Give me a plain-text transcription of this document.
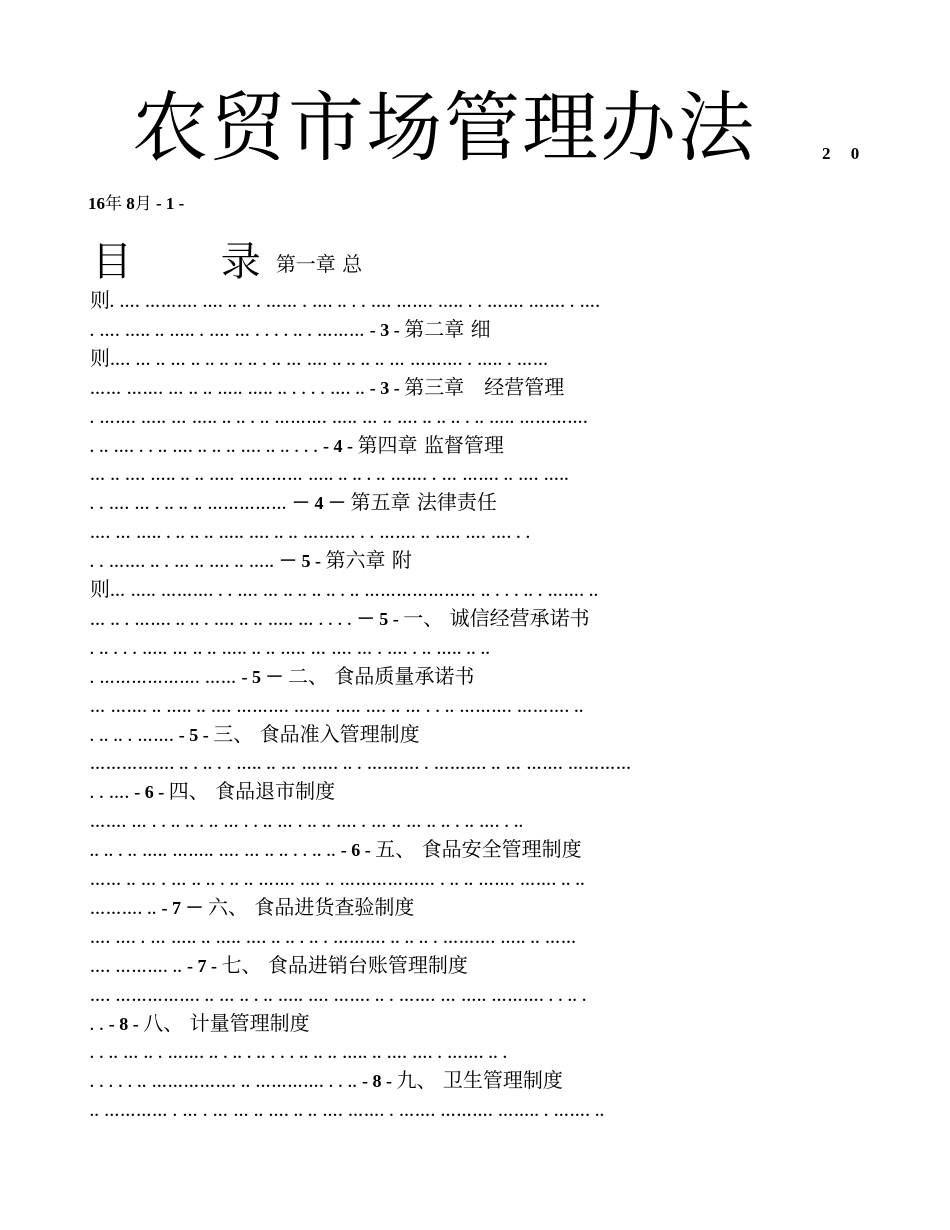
农贸市场管理办法	2 0
16年 8月 - 1 -
目 录 第一章 总
则. …. ………. …. .. .. . …… . …. .. . . …. ……. ….. . . ……. ……. . ….
. …. ….. .. ….. . …. … . . . . .. . ……… - 3 - 第二章 细
则…. … .. … .. .. .. .. .. . .. … …. .. .. .. .. … ………. . ….. . ……
…… ……. … .. .. ….. ….. .. . . . . …. .. - 3 - 第三章　经营管理
. ……. ….. … ….. .. .. . .. ………. ….. … .. …. .. .. .. . .. ….. ………….
. .. …. . . .. …. .. .. .. …. .. .. . . . - 4 - 第四章 监督管理
… .. …. ….. .. .. ….. ………… ….. .. .. . .. ……. . … ……. .. …. …..
. . …. … . .. .. .. …………… － 4 － 第五章 法律责任
…. … ….. . .. .. .. ….. …. .. .. ………. . . ……. .. ….. …. …. . .
. . ……. .. . … .. …. .. ….. － 5 - 第六章 附
则… ….. ………. . . …. … .. .. .. .. . .. ………………… .. . . . .. . ……. ..
… .. . ……. .. .. . …. .. .. ….. … . . . . － 5 - 一、 诚信经营承诺书
. .. . . . ….. … .. .. ….. .. .. ….. … …. … . …. . .. ….. .. ..
. ………………. …… - 5 － 二、 食品质量承诺书
… ……. .. ….. .. …. ………. ……. ….. …. .. … . . .. ………. ………. ..
. .. .. . ……. - 5 - 三、 食品准入管理制度
……………. .. . .. . . ….. .. … ……. .. . ………. . ………. .. … ……. …………
. . …. - 6 - 四、 食品退市制度
……. … . . .. .. . .. … . . .. … . .. .. …. . … .. … .. .. . .. …. . ..
.. .. . .. ….. …….. …. … .. .. . . .. .. - 6 - 五、 食品安全管理制度
…… .. … . … .. .. . .. .. ……. …. .. ……………… . .. .. ……. ……. .. ..
………. .. - 7 － 六、 食品进货查验制度
…. …. . … ….. .. ….. …. .. .. . .. . ………. .. .. .. . ………. ….. .. ……
…. ………. .. - 7 - 七、 食品进销台账管理制度
…. ……………. .. … .. . .. ….. …. ……. .. . ……. … ….. ………. . . .. .
. . - 8 - 八、 计量管理制度
. . .. … .. . ……. .. . .. . .. . . . .. .. .. ….. .. …. …. . ……. .. .
. . . . . .. ……………. .. …………. . . .. - 8 - 九、 卫生管理制度
.. ………… . … . … … .. …. .. .. …. ……. . ……. ………. …….. . ……. ..
